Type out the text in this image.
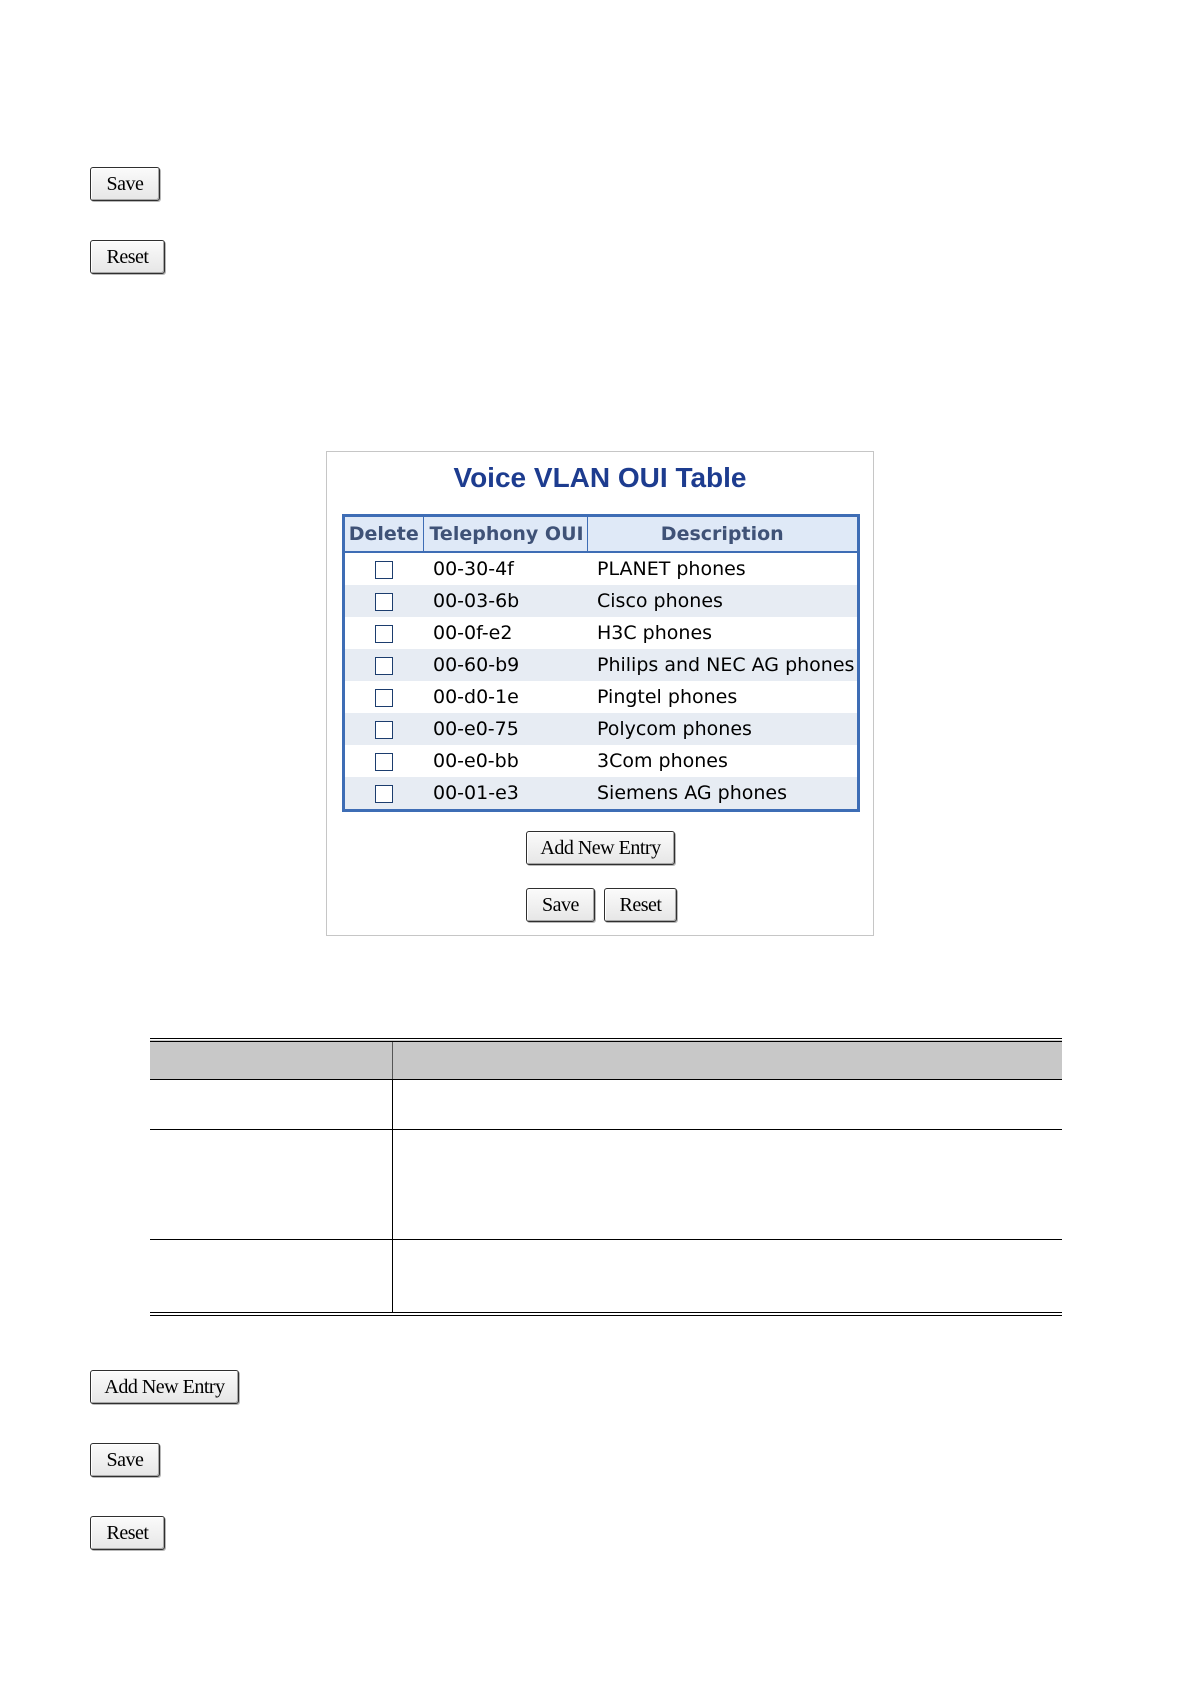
Save
Reset
Voice VLAN OUI Table
Delete	Telephony OUI	Description
	00-30-4f	PLANET phones
	00-03-6b	Cisco phones
	00-0f-e2	H3C phones
	00-60-b9	Philips and NEC AG phones
	00-d0-1e	Pingtel phones
	00-e0-75	Polycom phones
	00-e0-bb	3Com phones
	00-01-e3	Siemens AG phones
Add New Entry
Save	Reset

Add New Entry
Save
Reset
